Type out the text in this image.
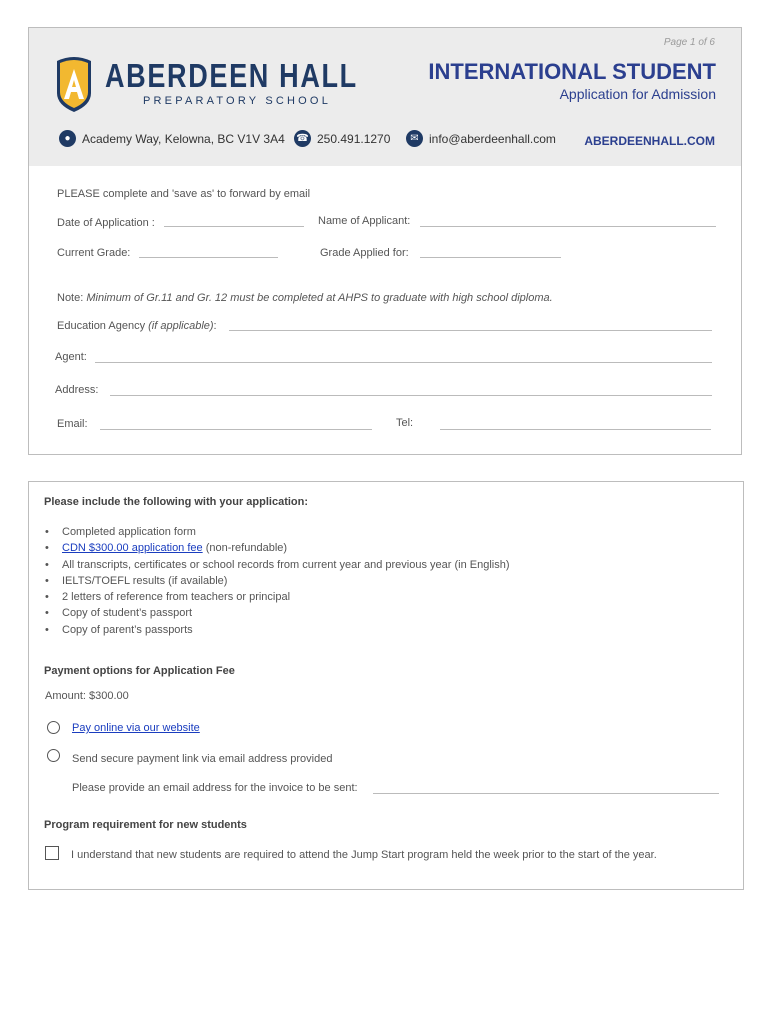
Page 1 of 6
ABERDEEN HALL
PREPARATORY SCHOOL
INTERNATIONAL STUDENT
Application for Admission
● Academy Way, Kelowna, BC V1V 3A4 ☎ 250.491.1270	✉ info@aberdeenhall.com ABERDEENHALL.COM
PLEASE complete and 'save as' to forward by email
Date of Application :	Name of Applicant:
Current Grade:	Grade Applied for:
Note: Minimum of Gr.11 and Gr. 12 must be completed at AHPS to graduate with high school diploma.
Education Agency (if applicable):
Agent:
Address:
Email:	Tel:
Please include the following with your application:
•	Completed application form
•	CDN $300.00 application fee (non-refundable)
•	All transcripts, certificates or school records from current year and previous year (in English)
•	IELTS/TOEFL results (if available)
•	2 letters of reference from teachers or principal
•	Copy of student’s passport
•	Copy of parent’s passports
Payment options for Application Fee
Amount: $300.00
Pay online via our website
Send secure payment link via email address provided
Please provide an email address for the invoice to be sent:
Program requirement for new students
I understand that new students are required to attend the Jump Start program held the week prior to the start of the year.
